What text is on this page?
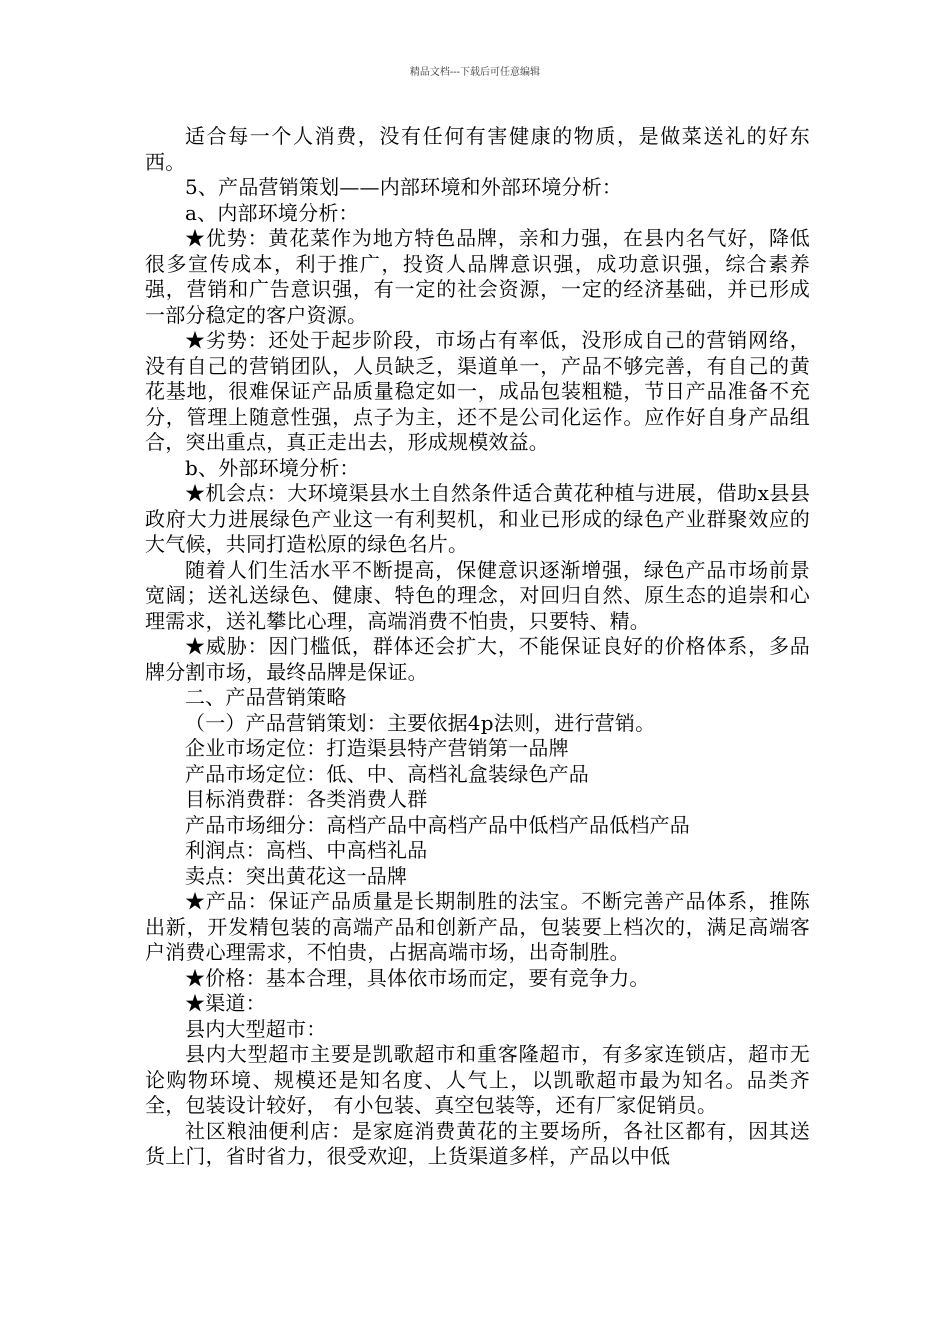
精品文档---下载后可任意编辑

适合每一个人消费，没有任何有害健康的物质，是做菜送礼的好东西。

5、产品营销策划——内部环境和外部环境分析：

a、内部环境分析：

★优势：黄花菜作为地方特色品牌，亲和力强，在县内名气好，降低很多宣传成本，利于推广，投资人品牌意识强，成功意识强，综合素养强，营销和广告意识强，有一定的社会资源，一定的经济基础，并已形成一部分稳定的客户资源。

★劣势：还处于起步阶段，市场占有率低，没形成自己的营销网络，没有自己的营销团队，人员缺乏，渠道单一，产品不够完善，有自己的黄花基地，很难保证产品质量稳定如一，成品包装粗糙，节日产品准备不充分，管理上随意性强，点子为主，还不是公司化运作。应作好自身产品组合，突出重点，真正走出去，形成规模效益。

b、外部环境分析：

★机会点：大环境渠县水土自然条件适合黄花种植与进展，借助x县县政府大力进展绿色产业这一有利契机，和业已形成的绿色产业群聚效应的大气候，共同打造松原的绿色名片。

随着人们生活水平不断提高，保健意识逐渐增强，绿色产品市场前景宽阔；送礼送绿色、健康、特色的理念，对回归自然、原生态的追崇和心理需求，送礼攀比心理，高端消费不怕贵，只要特、精。

★威胁：因门槛低，群体还会扩大，不能保证良好的价格体系，多品牌分割市场，最终品牌是保证。

二、产品营销策略

（一）产品营销策划：主要依据4p法则，进行营销。

企业市场定位：打造渠县特产营销第一品牌

产品市场定位：低、中、高档礼盒装绿色产品

目标消费群：各类消费人群

产品市场细分：高档产品中高档产品中低档产品低档产品

利润点：高档、中高档礼品

卖点：突出黄花这一品牌

★产品：保证产品质量是长期制胜的法宝。不断完善产品体系，推陈出新，开发精包装的高端产品和创新产品，包装要上档次的，满足高端客户消费心理需求，不怕贵，占据高端市场，出奇制胜。

★价格：基本合理，具体依市场而定，要有竞争力。

★渠道：

县内大型超市：

县内大型超市主要是凯歌超市和重客隆超市，有多家连锁店，超市无论购物环境、规模还是知名度、人气上，以凯歌超市最为知名。品类齐全，包装设计较好， 有小包装、真空包装等，还有厂家促销员。

社区粮油便利店：是家庭消费黄花的主要场所，各社区都有，因其送货上门，省时省力，很受欢迎，上货渠道多样，产品以中低
